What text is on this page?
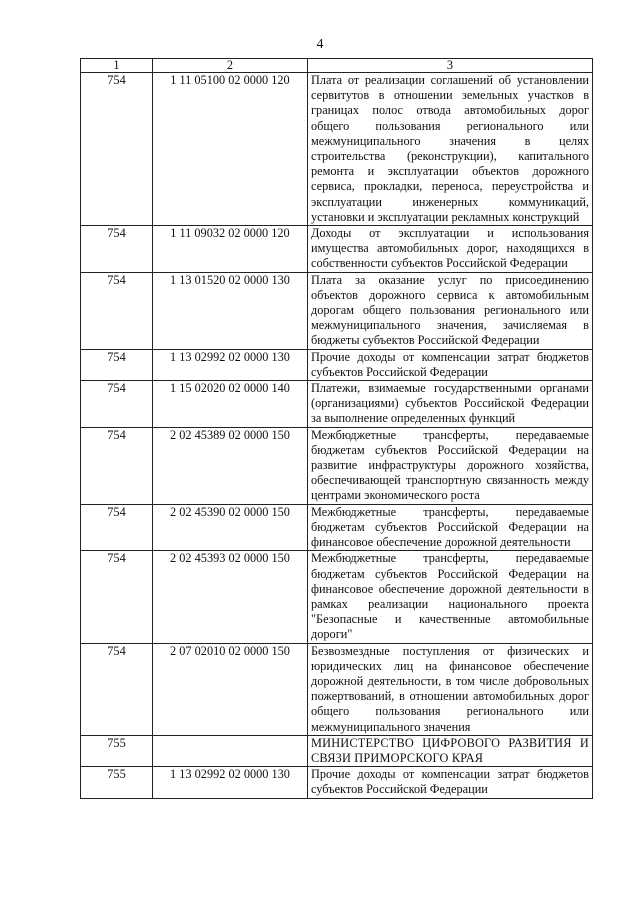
4
1	2	3
754	1 11 05100 02 0000 120	Плата от реализации соглашений об установлении сервитутов в отношении земельных участков в границах полос отвода автомобильных дорог общего пользования регионального или межмуниципального значения в целях строительства (реконструкции), капитального ремонта и эксплуатации объектов дорожного сервиса, прокладки, переноса, переустройства и эксплуатации инженерных коммуникаций, установки и эксплуатации рекламных конструкций
754	1 11 09032 02 0000 120	Доходы от эксплуатации и использования имущества автомобильных дорог, находящихся в собственности субъектов Российской Федерации
754	1 13 01520 02 0000 130	Плата за оказание услуг по присоединению объектов дорожного сервиса к автомобильным дорогам общего пользования регионального или межмуниципального значения, зачисляемая в бюджеты субъектов Российской Федерации
754	1 13 02992 02 0000 130	Прочие доходы от компенсации затрат бюджетов субъектов Российской Федерации
754	1 15 02020 02 0000 140	Платежи, взимаемые государственными органами (организациями) субъектов Российской Федерации за выполнение определенных функций
754	2 02 45389 02 0000 150	Межбюджетные трансферты, передаваемые бюджетам субъектов Российской Федерации на развитие инфраструктуры дорожного хозяйства, обеспечивающей транспортную связанность между центрами экономического роста
754	2 02 45390 02 0000 150	Межбюджетные трансферты, передаваемые бюджетам субъектов Российской Федерации на финансовое обеспечение дорожной деятельности
754	2 02 45393 02 0000 150	Межбюджетные трансферты, передаваемые бюджетам субъектов Российской Федерации на финансовое обеспечение дорожной деятельности в рамках реализации национального проекта "Безопасные и качественные автомобильные дороги"
754	2 07 02010 02 0000 150	Безвозмездные поступления от физических и юридических лиц на финансовое обеспечение дорожной деятельности, в том числе добровольных пожертвований, в отношении автомобильных дорог общего пользования регионального или межмуниципального значения
755		МИНИСТЕРСТВО ЦИФРОВОГО РАЗВИТИЯ И СВЯЗИ ПРИМОРСКОГО КРАЯ
755	1 13 02992 02 0000 130	Прочие доходы от компенсации затрат бюджетов субъектов Российской Федерации
